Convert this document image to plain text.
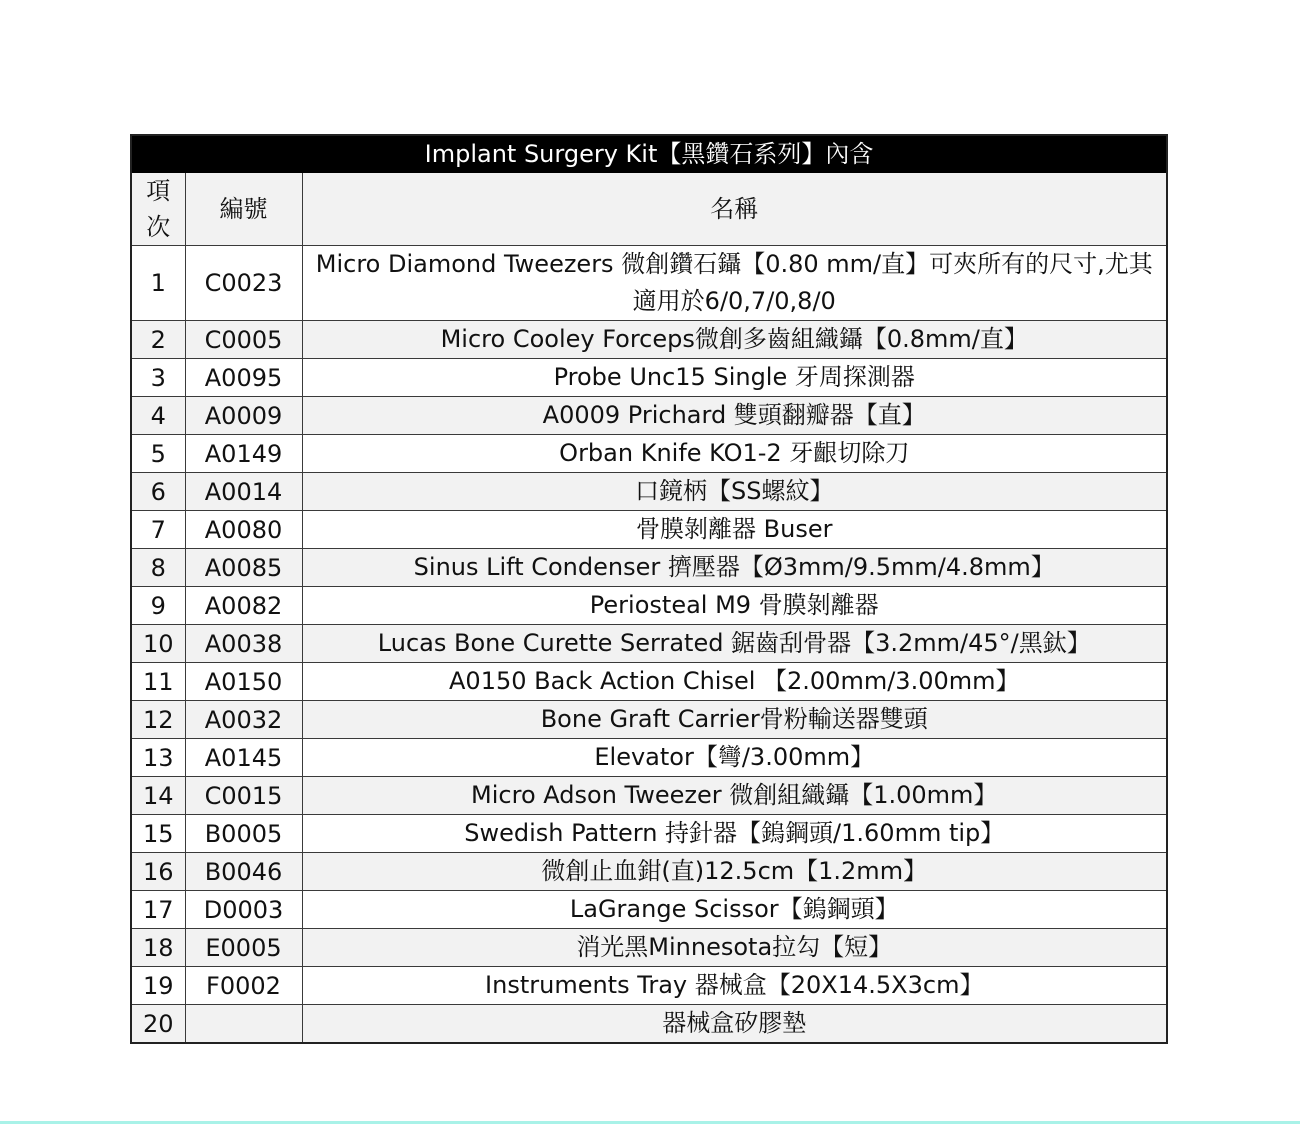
Implant Surgery Kit【黑鑽石系列】內含		
項次	編號	名稱
1	C0023	Micro Diamond Tweezers 微創鑽石鑷【0.80 mm/直】可夾所有的尺寸,尤其適用於6/0,7/0,8/0
2	C0005	Micro Cooley Forceps微創多齒組織鑷【0.8mm/直】
3	A0095	Probe Unc15 Single 牙周探測器
4	A0009	A0009 Prichard 雙頭翻瓣器【直】
5	A0149	Orban Knife KO1-2 牙齦切除刀
6	A0014	口鏡柄【SS螺紋】
7	A0080	骨膜剝離器 Buser
8	A0085	Sinus Lift Condenser 擠壓器【Ø3mm/9.5mm/4.8mm】
9	A0082	Periosteal M9 骨膜剝離器
10	A0038	Lucas Bone Curette Serrated 鋸齒刮骨器【3.2mm/45°/黑鈦】
11	A0150	A0150 Back Action Chisel 【2.00mm/3.00mm】
12	A0032	Bone Graft Carrier骨粉輸送器雙頭
13	A0145	Elevator【彎/3.00mm】
14	C0015	Micro Adson Tweezer 微創組織鑷【1.00mm】
15	B0005	Swedish Pattern 持針器【鎢鋼頭/1.60mm tip】
16	B0046	微創止血鉗(直)12.5cm【1.2mm】
17	D0003	LaGrange Scissor【鎢鋼頭】
18	E0005	消光黑Minnesota拉勾【短】
19	F0002	Instruments Tray 器械盒【20X14.5X3cm】
20		器械盒矽膠墊
